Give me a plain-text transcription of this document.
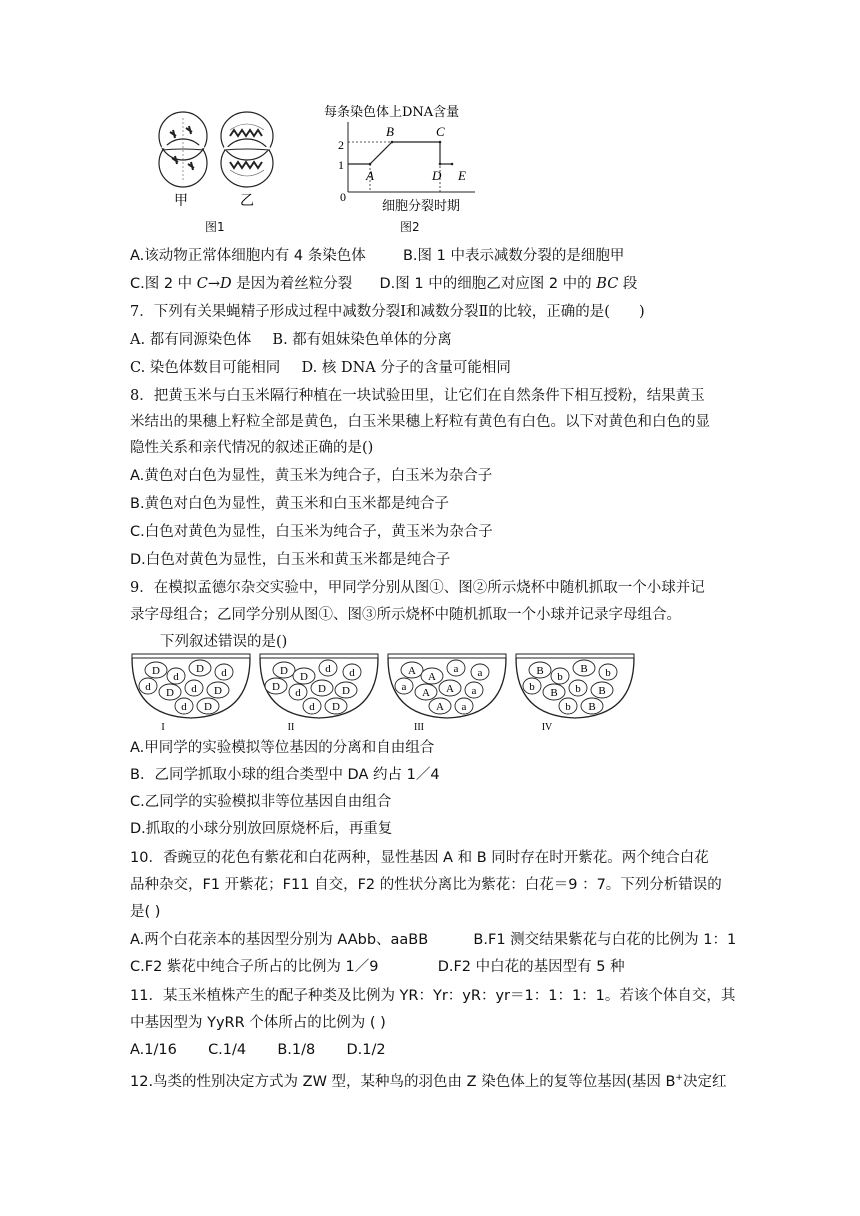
甲	乙
图1
每条染色体上DNA含量
2
1
0
A
B	C
D E
细胞分裂时期
图2
A.该动物正常体细胞内有 4 条染色体	B.图 1 中表示减数分裂的是细胞甲
C.图 2 中 C→D 是因为着丝粒分裂 D.图 1 中的细胞乙对应图 2 中的 BC 段
7．下列有关果蝇精子形成过程中减数分裂Ⅰ和减数分裂Ⅱ的比较，正确的是(　　)
A. 都有同源染色体 B. 都有姐妹染色单体的分离
C. 染色体数目可能相同 D. 核 DNA 分子的含量可能相同
8．把黄玉米与白玉米隔行种植在一块试验田里，让它们在自然条件下相互授粉，结果黄玉
米结出的果穗上籽粒全部是黄色，白玉米果穗上籽粒有黄色有白色。以下对黄色和白色的显
隐性关系和亲代情况的叙述正确的是()
A.黄色对白色为显性，黄玉米为纯合子，白玉米为杂合子
B.黄色对白色为显性，黄玉米和白玉米都是纯合子
C.白色对黄色为显性，白玉米为纯合子，黄玉米为杂合子
D.白色对黄色为显性，白玉米和黄玉米都是纯合子
9．在模拟孟德尔杂交实验中，甲同学分别从图①、图②所示烧杯中随机抓取一个小球并记
录字母组合；乙同学分别从图①、图③所示烧杯中随机抓取一个小球并记录字母组合。
下列叙述错误的是()
D d
D d
d D d D
d D
I
D D
d d
D d D D
d D
II
A A
a a
a A A a
A a
III
B b
B b
b B b B
b B
IV
A.甲同学的实验模拟等位基因的分离和自由组合
B．乙同学抓取小球的组合类型中 DA 约占 1／4
C.乙同学的实验模拟非等位基因自由组合
D.抓取的小球分别放回原烧杯后，再重复
10．香豌豆的花色有紫花和白花两种，显性基因 A 和 B 同时存在时开紫花。两个纯合白花
品种杂交，F1 开紫花；F11 自交，F2 的性状分离比为紫花：白花＝9 ：7。下列分析错误的
是( )
A.两个白花亲本的基因型分别为 AAbb、aaBB	B.F1 测交结果紫花与白花的比例为 1：1
C.F2 紫花中纯合子所占的比例为 1／9	D.F2 中白花的基因型有 5 种
11．某玉米植株产生的配子种类及比例为 YR：Yr：yR：yr＝1：1：1：1。若该个体自交，其
中基因型为 YyRR 个体所占的比例为 ( )
A.1/16 C.1/4 B.1/8 D.1/2
12.鸟类的性别决定方式为 ZW 型，某种鸟的羽色由 Z 染色体上的复等位基因(基因 B+决定红
